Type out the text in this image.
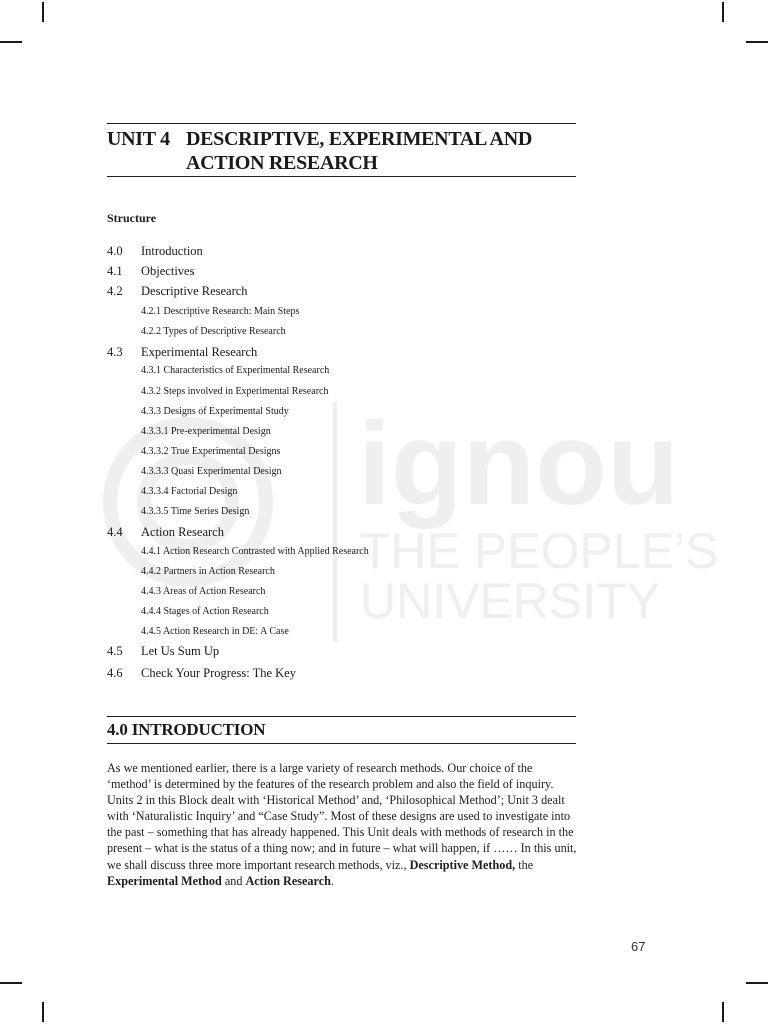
ignou
THE PEOPLE’S
UNIVERSITY
UNIT 4 DESCRIPTIVE, EXPERIMENTAL AND
ACTION RESEARCH
Structure
4.0 Introduction
4.1 Objectives
4.2 Descriptive Research
4.2.1 Descriptive Research: Main Steps
4.2.2 Types of Descriptive Research
4.3 Experimental Research
4.3.1 Characteristics of Experimental Research
4.3.2 Steps involved in Experimental Research
4.3.3 Designs of Experimental Study
4.3.3.1 Pre-experimental Design
4.3.3.2 True Experimental Designs
4.3.3.3 Quasi Experimental Design
4.3.3.4 Factorial Design
4.3.3.5 Time Series Design
4.4 Action Research
4.4.1 Action Research Contrasted with Applied Research
4.4.2 Partners in Action Research
4.4.3 Areas of Action Research
4.4.4 Stages of Action Research
4.4.5 Action Research in DE: A Case
4.5 Let Us Sum Up
4.6 Check Your Progress: The Key
4.0 INTRODUCTION
As we mentioned earlier, there is a large variety of research methods. Our choice of the ‘method’ is determined by the features of the research problem and also the field of inquiry. Units 2 in this Block dealt with ‘Historical Method’ and, ‘Philosophical Method’; Unit 3 dealt with ‘Naturalistic Inquiry’ and “Case Study”. Most of these designs are used to investigate into the past – something that has already happened. This Unit deals with methods of research in the present – what is the status of a thing now; and in future – what will happen, if …… In this unit, we shall discuss three more important research methods, viz., Descriptive Method, the Experimental Method and Action Research.
67
